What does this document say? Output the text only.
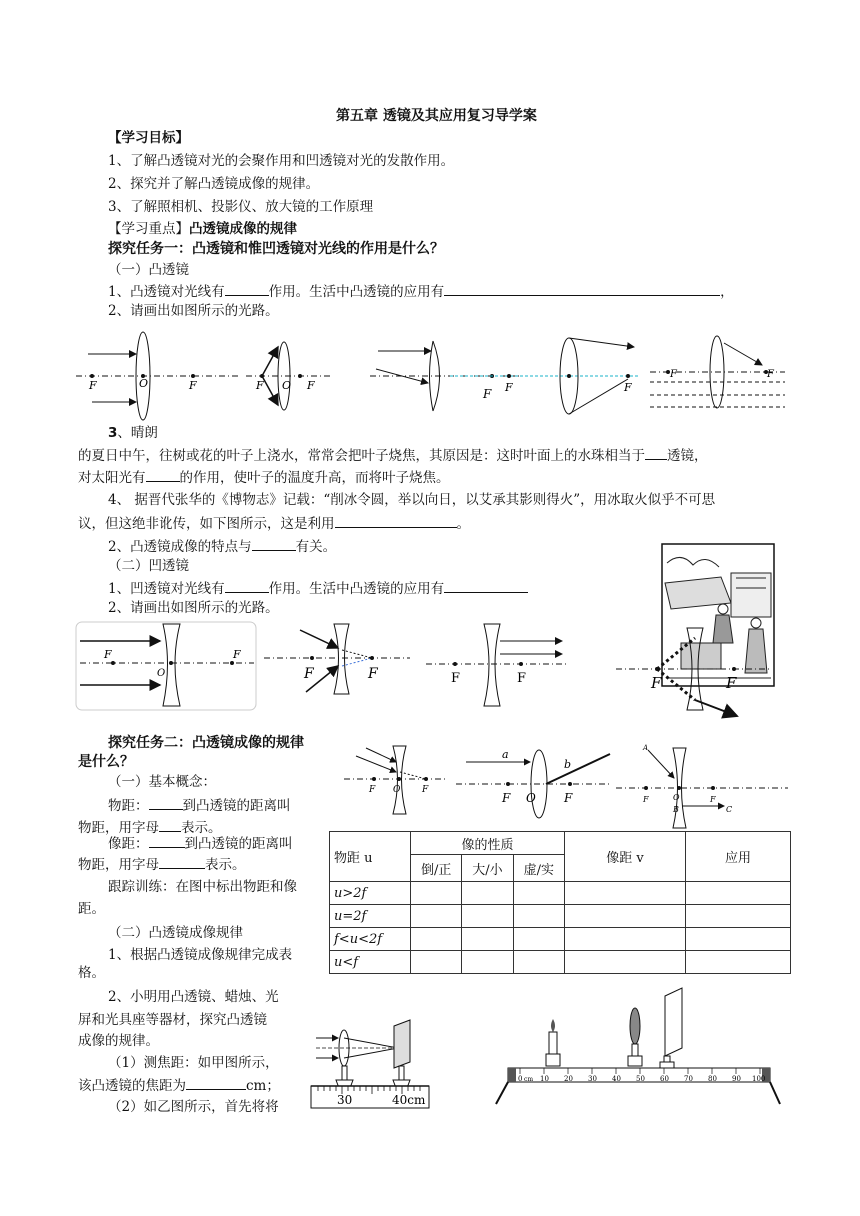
第五章 透镜及其应用复习导学案
【学习目标】
1、了解凸透镜对光的会聚作用和凹透镜对光的发散作用。
2、探究并了解凸透镜成像的规律。
3、了解照相机、投影仪、放大镜的工作原理
【学习重点】凸透镜成像的规律
探究任务一：凸透镜和惟凹透镜对光线的作用是什么？
（一）凸透镜
1、凸透镜对光线有	作用。生活中凸透镜的应用有	，
2、请画出如图所示的光路。
F	O	F	F O F
F F	F
F	F
3、晴朗
的夏日中午，往树或花的叶子上浇水，常常会把叶子烧焦，其原因是：这时叶面上的水珠相当于 透镜，
对太阳光有	的作用，使叶子的温度升高，而将叶子烧焦。
4、 据晋代张华的《博物志》记载：“削冰令圆，举以向日，以艾承其影则得火”，用冰取火似乎不可思
议，但这绝非讹传，如下图所示，这是利用	。
2、凸透镜成像的特点与	有关。
（二）凹透镜
1、凹透镜对光线有	作用。生活中凸透镜的应用有
2、请画出如图所示的光路。
F
O
F
F	F	F	F	F	F
探究任务二：凸透镜成像的规律
是什么？
（一）基本概念：
物距：	到凸透镜的距离叫
物距，用字母 表示。
像距：	到凸透镜的距离叫
物距，用字母	表示。
跟踪训练：在图中标出物距和像
距。
（二）凸透镜成像规律
1、根据凸透镜成像规律完成表
格。
2、小明用凸透镜、蜡烛、光
屏和光具座等器材，探究凸透镜
成像的规律。
（1）测焦距：如甲图所示，
该凸透镜的焦距为	cm；
（2）如乙图所示，首先将将
F O F
a
b
F O F
A
F	O
B
F
C
物距 u	像的性质			像距 v	应用
	倒/正	大/小	虚/实		
u>2f					
u=2f					
f<u<2f					
u<f					
30	40cm
0	10 20 30 40 50 60 70 80 90 100
cm
